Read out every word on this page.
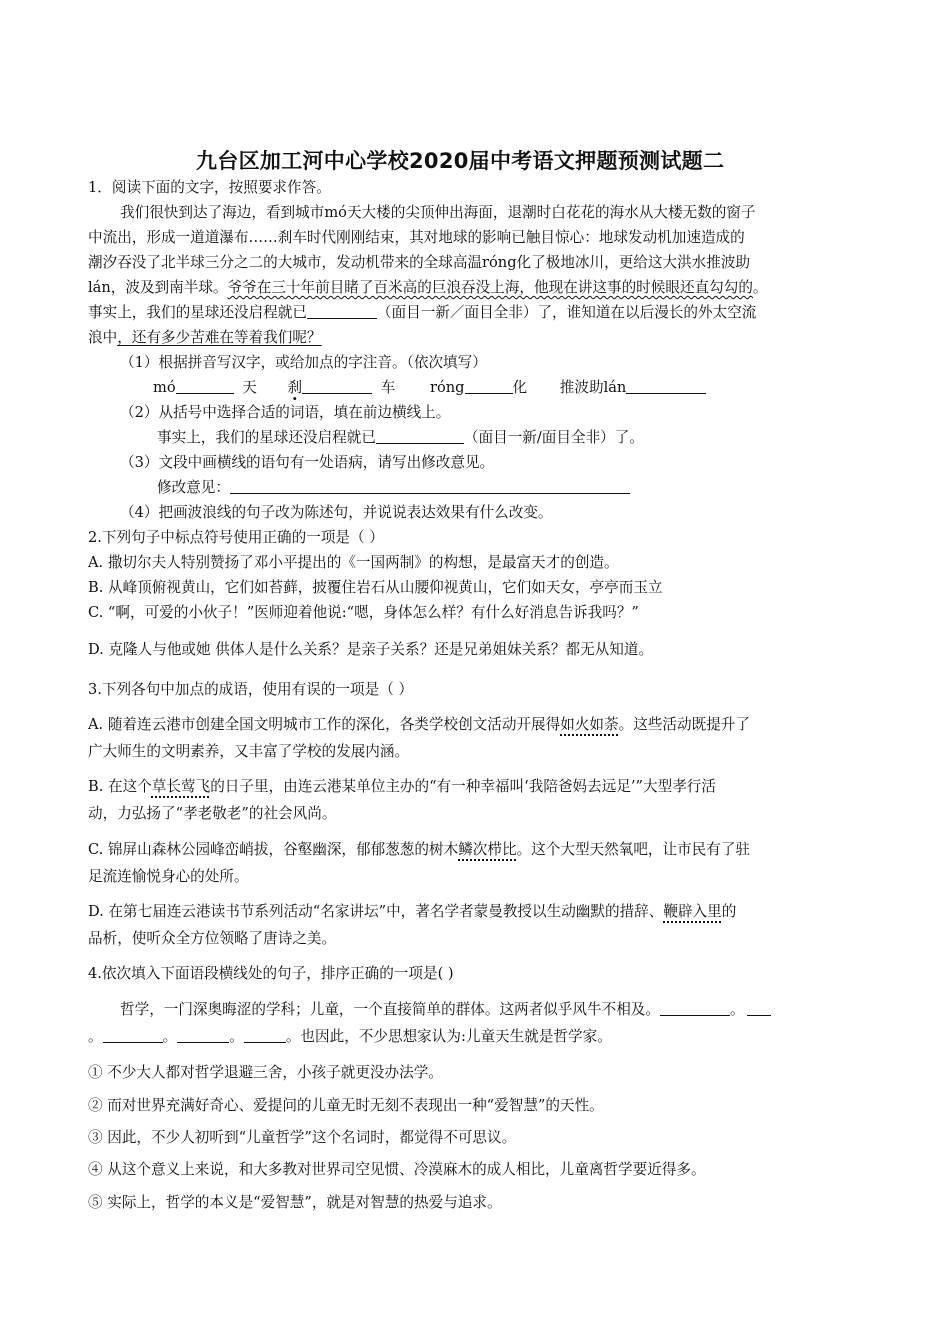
九台区加工河中心学校2020届中考语文押题预测试题二
1．阅读下面的文字，按照要求作答。
我们很快到达了海边，看到城市mó天大楼的尖顶伸出海面，退潮时白花花的海水从大楼无数的窗子
中流出，形成一道道瀑布……刹车时代刚刚结束，其对地球的影响已触目惊心：地球发动机加速造成的
潮汐吞没了北半球三分之二的大城市，发动机带来的全球高温róng化了极地冰川，更给这大洪水推波助
lán，波及到南半球。爷爷在三十年前目睹了百米高的巨浪吞没上海，他现在讲这事的时候眼还直勾勾的。
事实上，我们的星球还没启程就已	（面目一新／面目全非）了，谁知道在以后漫长的外太空流
浪中，还有多少苦难在等着我们呢？
（1）根据拼音写汉字，或给加点的字注音。（依次填写）
mó	天 刹	车 róng	化 推波助lán
（2）从括号中选择合适的词语，填在前边横线上。
事实上，我们的星球还没启程就已	（面目一新/面目全非）了。
（3）文段中画横线的语句有一处语病，请写出修改意见。
修改意见：
（4）把画波浪线的句子改为陈述句，并说说表达效果有什么改变。
2.下列句子中标点符号使用正确的一项是（ ）
A. 撒切尔夫人特别赞扬了邓小平提出的《一国两制》的构想，是最富天才的创造。
B. 从峰顶俯视黄山，它们如苔藓，披覆住岩石从山腰仰视黄山，它们如天女，亭亭而玉立
C. “啊，可爱的小伙子！”医师迎着他说:“嗯，身体怎么样？有什么好消息告诉我吗？”
D. 克隆人与他或她 供体人是什么关系？是亲子关系？还是兄弟姐妹关系？都无从知道。
3.下列各句中加点的成语，使用有误的一项是（ ）
A. 随着连云港市创建全国文明城市工作的深化，各类学校创文活动开展得如火如荼。这些活动既提升了
广大师生的文明素养，又丰富了学校的发展内涵。
B. 在这个草长莺飞的日子里，由连云港某单位主办的“有一种幸福叫‘我陪爸妈去远足’”大型孝行活
动，力弘扬了“孝老敬老”的社会风尚。
C. 锦屏山森林公园峰峦峭拔，谷壑幽深，郁郁葱葱的树木鳞次栉比。这个大型天然氧吧，让市民有了驻
足流连愉悦身心的处所。
D. 在第七届连云港读书节系列活动“名家讲坛”中，著名学者蒙曼教授以生动幽默的措辞、鞭辟入里的
品析，使听众全方位领略了唐诗之美。
4.依次填入下面语段横线处的句子，排序正确的一项是( )
哲学，一门深奥晦涩的学科；儿童，一个直接简单的群体。这两者似乎风牛不相及。	。
。	。	。	。也因此，不少思想家认为:儿童天生就是哲学家。
① 不少大人都对哲学退避三舍，小孩子就更没办法学。
② 而对世界充满好奇心、爱提问的儿童无时无刻不表现出一种“爱智慧”的天性。
③ 因此，不少人初听到“儿童哲学”这个名词时，都觉得不可思议。
④ 从这个意义上来说，和大多教对世界司空见惯、冷漠麻木的成人相比，儿童离哲学要近得多。
⑤ 实际上，哲学的本义是“爱智慧”，就是对智慧的热爱与追求。
